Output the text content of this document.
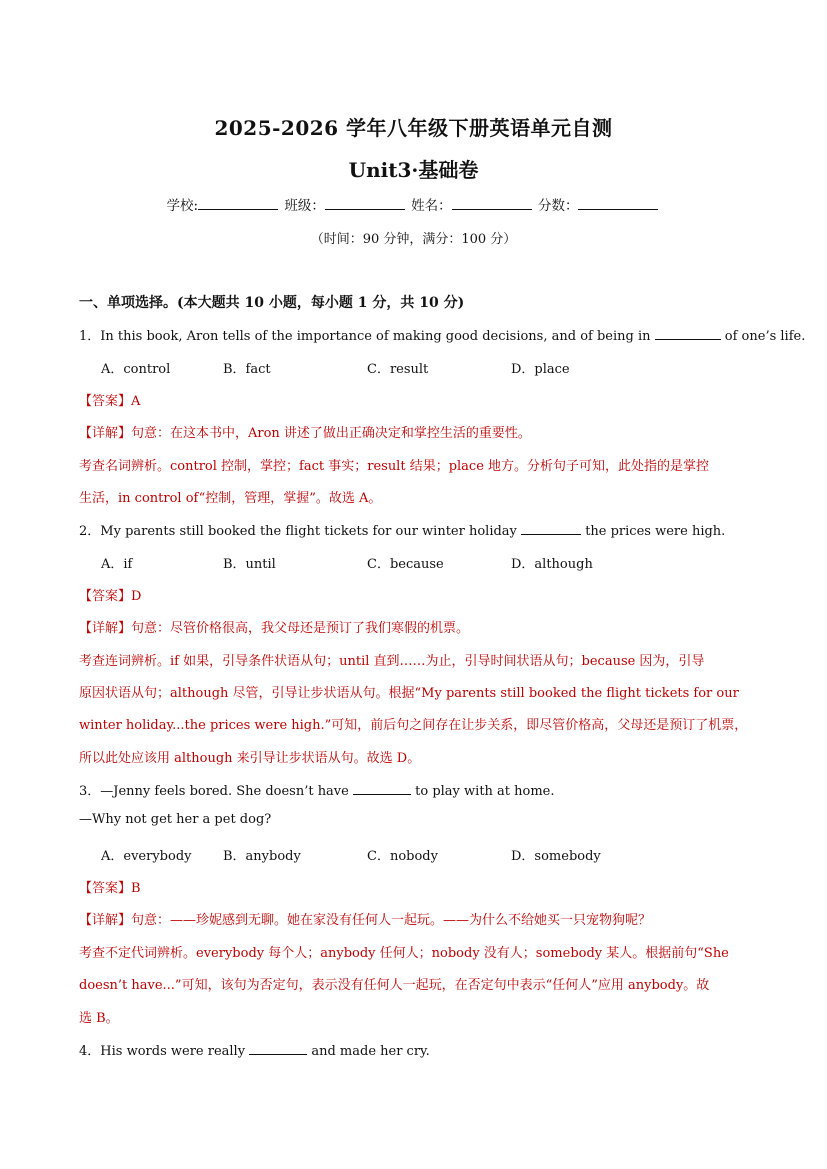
2025-2026 学年八年级下册英语单元自测
Unit3·基础卷
学校:	班级：	姓名：	分数：
（时间：90 分钟，满分：100 分）
一、单项选择。(本大题共 10 小题，每小题 1 分，共 10 分)
1．In this book, Aron tells of the importance of making good decisions, and of being in	of one’s life.
A．control	B．fact	C．result	D．place
【答案】A
【详解】句意：在这本书中，Aron 讲述了做出正确决定和掌控生活的重要性。
考查名词辨析。control 控制，掌控；fact 事实；result 结果；place 地方。分析句子可知，此处指的是掌控
生活，in control of“控制，管理，掌握”。故选 A。
2．My parents still booked the flight tickets for our winter holiday	the prices were high.
A．if	B．until	C．because	D．although
【答案】D
【详解】句意：尽管价格很高，我父母还是预订了我们寒假的机票。
考查连词辨析。if 如果，引导条件状语从句；until 直到……为止，引导时间状语从句；because 因为，引导
原因状语从句；although 尽管，引导让步状语从句。根据“My parents still booked the flight tickets for our
winter holiday...the prices were high.”可知，前后句之间存在让步关系，即尽管价格高，父母还是预订了机票，
所以此处应该用 although 来引导让步状语从句。故选 D。
3．—Jenny feels bored. She doesn’t have	to play with at home.
—Why not get her a pet dog?
A．everybody B．anybody	C．nobody	D．somebody
【答案】B
【详解】句意：——珍妮感到无聊。她在家没有任何人一起玩。——为什么不给她买一只宠物狗呢？
考查不定代词辨析。everybody 每个人；anybody 任何人；nobody 没有人；somebody 某人。根据前句“She
doesn’t have...”可知，该句为否定句，表示没有任何人一起玩，在否定句中表示“任何人”应用 anybody。故
选 B。
4．His words were really	and made her cry.
